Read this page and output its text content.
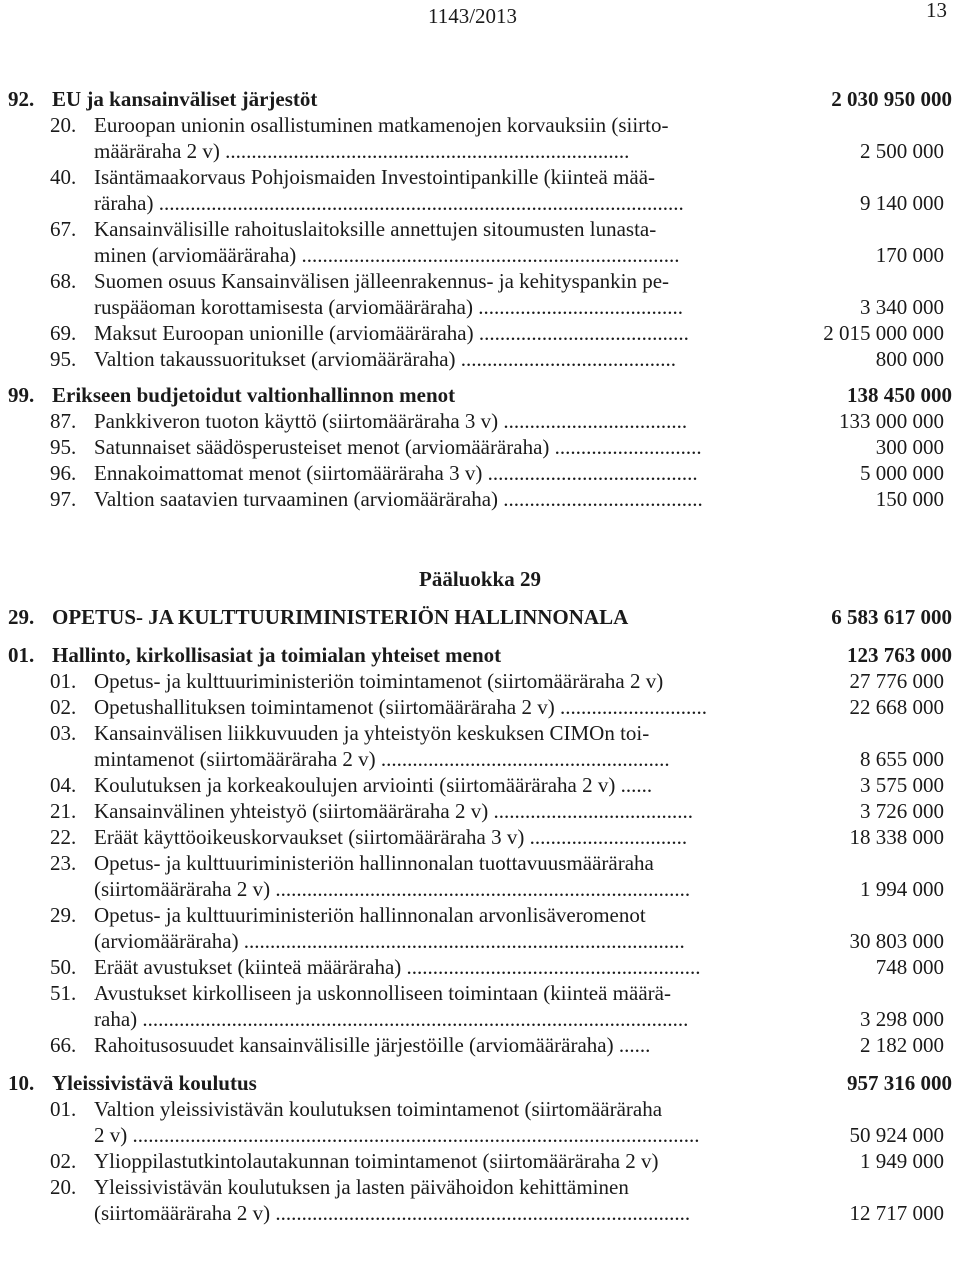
1143/2013	13
92. EU ja kansainväliset järjestöt	2 030 950 000
20. Euroopan unionin osallistuminen matkamenojen korvauksiin (siirto-
määräraha 2 v) .............................................................................	2 500 000
40. Isäntämaakorvaus Pohjoismaiden Investointipankille (kiinteä mää-
räraha) ....................................................................................................	9 140 000
67. Kansainvälisille rahoituslaitoksille annettujen sitoumusten lunasta-
minen (arviomääräraha) ........................................................................	170 000
68. Suomen osuus Kansainvälisen jälleenrakennus- ja kehityspankin pe-
ruspääoman korottamisesta (arviomääräraha) .......................................	3 340 000
69. Maksut Euroopan unionille (arviomääräraha) ........................................	2 015 000 000
95. Valtion takaussuoritukset (arviomääräraha) .........................................	800 000
99. Erikseen budjetoidut valtionhallinnon menot	138 450 000
87. Pankkiveron tuoton käyttö (siirtomääräraha 3 v) ...................................	133 000 000
95. Satunnaiset säädösperusteiset menot (arviomääräraha) ............................	300 000
96. Ennakoimattomat menot (siirtomääräraha 3 v) ........................................	5 000 000
97. Valtion saatavien turvaaminen (arviomääräraha) ......................................	150 000
Pääluokka 29
29. OPETUS- JA KULTTUURIMINISTERIÖN HALLINNONALA	6 583 617 000
01. Hallinto, kirkollisasiat ja toimialan yhteiset menot	123 763 000
01. Opetus- ja kulttuuriministeriön toimintamenot (siirtomääräraha 2 v)	27 776 000
02. Opetushallituksen toimintamenot (siirtomääräraha 2 v) ............................	22 668 000
03. Kansainvälisen liikkuvuuden ja yhteistyön keskuksen CIMOn toi-
mintamenot (siirtomääräraha 2 v) .......................................................	8 655 000
04. Koulutuksen ja korkeakoulujen arviointi (siirtomääräraha 2 v) ......	3 575 000
21. Kansainvälinen yhteistyö (siirtomääräraha 2 v) ......................................	3 726 000
22. Eräät käyttöoikeuskorvaukset (siirtomääräraha 3 v) ..............................	18 338 000
23. Opetus- ja kulttuuriministeriön hallinnonalan tuottavuusmääräraha
(siirtomääräraha 2 v) ...............................................................................	1 994 000
29. Opetus- ja kulttuuriministeriön hallinnonalan arvonlisäveromenot
(arviomääräraha) ....................................................................................	30 803 000
50. Eräät avustukset (kiinteä määräraha) ........................................................	748 000
51. Avustukset kirkolliseen ja uskonnolliseen toimintaan (kiinteä määrä-
raha) ........................................................................................................	3 298 000
66. Rahoitusosuudet kansainvälisille järjestöille (arviomääräraha) ......	2 182 000
10. Yleissivistävä koulutus	957 316 000
01. Valtion yleissivistävän koulutuksen toimintamenot (siirtomääräraha
2 v) ............................................................................................................	50 924 000
02. Ylioppilastutkintolautakunnan toimintamenot (siirtomääräraha 2 v)	1 949 000
20. Yleissivistävän koulutuksen ja lasten päivähoidon kehittäminen
(siirtomääräraha 2 v) ...............................................................................	12 717 000
